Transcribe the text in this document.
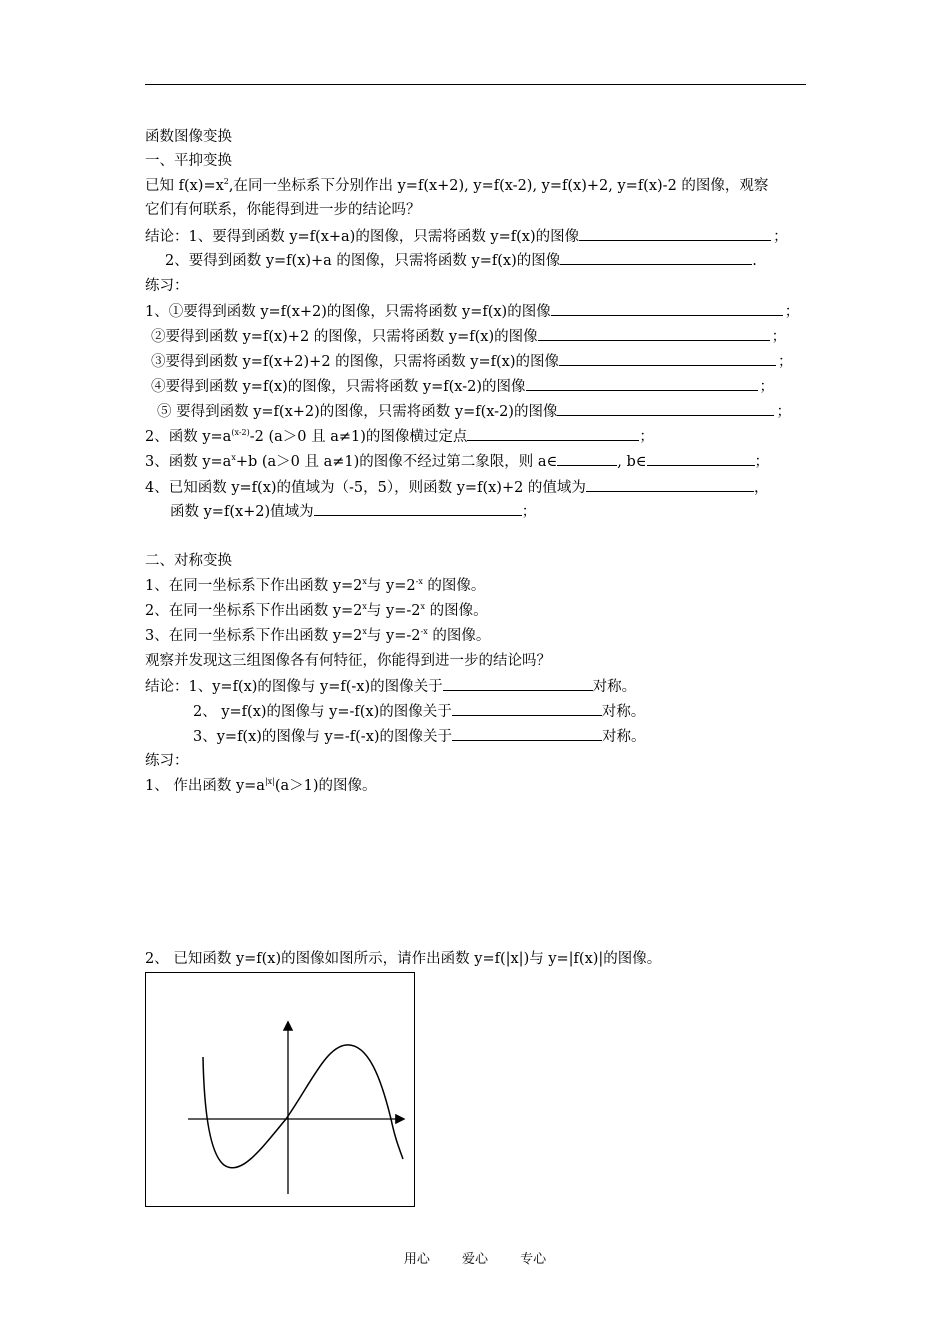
函数图像变换
一、平抑变换
已知 $f(x)=x^2$,在同一坐标系下分别作出 y=f(x+2), y=f(x-2), y=f(x)+2, y=f(x)-2 的图像，观察
它们有何联系，你能得到进一步的结论吗？
结论：1、要得到函数 y=f(x+a)的图像，只需将函数 y=f(x)的图像	；
2、要得到函数 y=f(x)+a 的图像，只需将函数 y=f(x)的图像	.
练习：
1、①要得到函数 y=f(x+2)的图像，只需将函数 y=f(x)的图像	；
②要得到函数 y=f(x)+2 的图像，只需将函数 y=f(x)的图像	；
③要得到函数 y=f(x+2)+2 的图像，只需将函数 y=f(x)的图像	；
④要得到函数 y=f(x)的图像，只需将函数 y=f(x-2)的图像	；
⑤ 要得到函数 y=f(x+2)的图像，只需将函数 y=f(x-2)的图像	；
2、函数 $y=a^{(x-2)}-2$ (a＞0 且 a≠1)的图像横过定点	；
3、函数 $y=a^x+b$ (a＞0 且 a≠1)的图像不经过第二象限，则 a∈	, b∈	；
4、已知函数 y=f(x)的值域为（-5，5），则函数 y=f(x)+2 的值域为	，
函数 y=f(x+2)值域为	；
二、对称变换
1、在同一坐标系下作出函数 $y=2^x$与 $y=2^{-x}$ 的图像。
2、在同一坐标系下作出函数 $y=2^x$与 $y=-2^x$ 的图像。
3、在同一坐标系下作出函数 $y=2^x$与 $y=-2^{-x}$ 的图像。
观察并发现这三组图像各有何特征，你能得到进一步的结论吗？
结论：1、y=f(x)的图像与 y=f(-x)的图像关于	对称。
2、 y=f(x)的图像与 y=-f(x)的图像关于	对称。
3、y=f(x)的图像与 y=-f(-x)的图像关于	对称。
练习：
1、 作出函数 $y=a^{|x|}(a>1)$的图像。
2、 已知函数 y=f(x)的图像如图所示，请作出函数 y=f(|x|)与 y=|f(x)|的图像。
用心 爱心 专心
